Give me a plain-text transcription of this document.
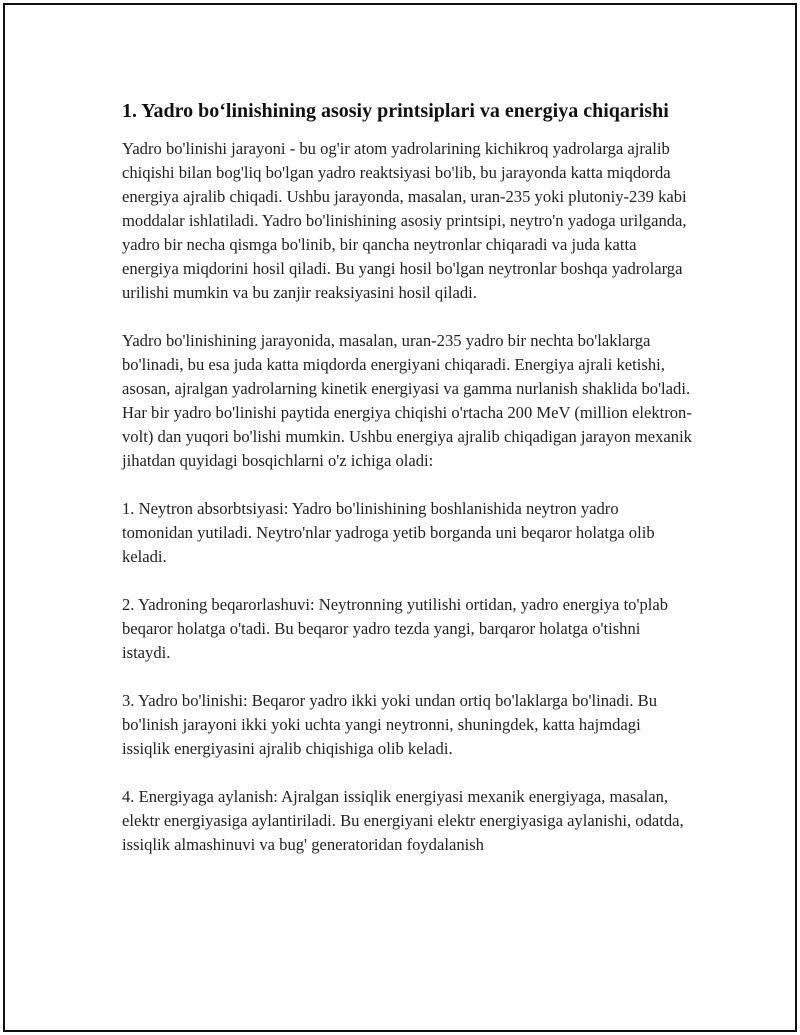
1. Yadro bo‘linishining asosiy printsiplari va energiya chiqarishi

Yadro bo'linishi jarayoni - bu og'ir atom yadrolarining kichikroq yadrolarga ajralib chiqishi bilan bog'liq bo'lgan yadro reaktsiyasi bo'lib, bu jarayonda katta miqdorda energiya ajralib chiqadi. Ushbu jarayonda, masalan, uran-235 yoki plutoniy-239 kabi moddalar ishlatiladi. Yadro bo'linishining asosiy printsipi, neytro'n yadoga urilganda, yadro bir necha qismga bo'linib, bir qancha neytronlar chiqaradi va juda katta energiya miqdorini hosil qiladi. Bu yangi hosil bo'lgan neytronlar boshqa yadrolarga urilishi mumkin va bu zanjir reaksiyasini hosil qiladi.

Yadro bo'linishining jarayonida, masalan, uran-235 yadro bir nechta bo'laklarga bo'linadi, bu esa juda katta miqdorda energiyani chiqaradi. Energiya ajrali ketishi, asosan, ajralgan yadrolarning kinetik energiyasi va gamma nurlanish shaklida bo'ladi. Har bir yadro bo'linishi paytida energiya chiqishi o'rtacha 200 MeV (million elektron-volt) dan yuqori bo'lishi mumkin. Ushbu energiya ajralib chiqadigan jarayon mexanik jihatdan quyidagi bosqichlarni o'z ichiga oladi:

1. Neytron absorbtsiyasi: Yadro bo'linishining boshlanishida neytron yadro tomonidan yutiladi. Neytro'nlar yadroga yetib borganda uni beqaror holatga olib keladi.

2. Yadroning beqarorlashuvi: Neytronning yutilishi ortidan, yadro energiya to'plab beqaror holatga o'tadi. Bu beqaror yadro tezda yangi, barqaror holatga o'tishni istaydi.

3. Yadro bo'linishi: Beqaror yadro ikki yoki undan ortiq bo'laklarga bo'linadi. Bu bo'linish jarayoni ikki yoki uchta yangi neytronni, shuningdek, katta hajmdagi issiqlik energiyasini ajralib chiqishiga olib keladi.

4. Energiyaga aylanish: Ajralgan issiqlik energiyasi mexanik energiyaga, masalan, elektr energiyasiga aylantiriladi. Bu energiyani elektr energiyasiga aylanishi, odatda, issiqlik almashinuvi va bug' generatoridan foydalanish
